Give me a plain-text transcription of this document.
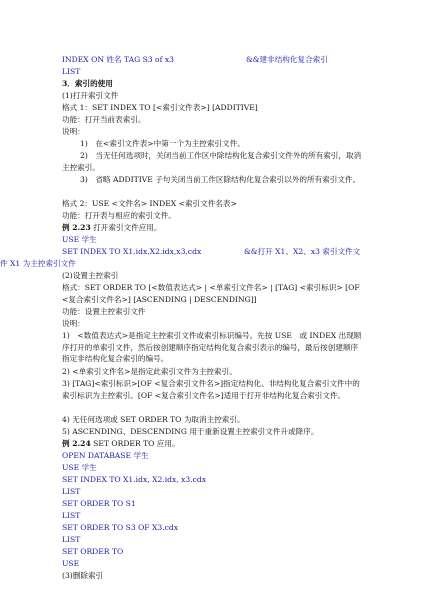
INDEX ON 姓名 TAG S3 of x3	&&建非结构化复合索引
LIST
3．索引的使用
(1)打开索引文件
格式 1：SET INDEX TO [<索引文件表>] [ADDITIVE]
功能：打开当前表索引。
说明：
1)　在<索引文件表>中第一个为主控索引文件。
2)　当无任何选项时，关闭当前工作区中除结构化复合索引文件外的所有索引，取消主控索引。
3)　省略 ADDITIVE 子句关闭当前工作区除结构化复合索引以外的所有索引文件。
格式 2：USE <文件名> INDEX <索引文件名表>
功能：打开表与相应的索引文件。
例 2.23 打开索引文件应用。
USE 学生
SET INDEX TO X1.idx,X2.idx,x3.cdx	&&打开 X1、X2、x3 索引文件文件 X1 为主控索引文件
(2)设置主控索引
格式：SET ORDER TO [<数值表达式> | <单索引文件名> | [TAG] <索引标识> [OF <复合索引文件名>] [ASCENDING | DESCENDING]]
功能：设置主控索引文件
说明：
1)　<数值表达式>是指定主控索引文件或索引标识编号。先按 USE　或 INDEX 出现顺序打开的单索引文件，然后按创建顺序指定结构化复合索引表示的编号，最后按创建顺序指定非结构化复合索引的编号。
2) <单索引文件名>是指定此索引文件为主控索引。
3) [TAG]<索引标识>[OF <复合索引文件名>]指定结构化、非结构化复合索引文件中的索引标识为主控索引。[OF <复合索引文件名>]适用于打开非结构化复合索引文件。
4) 无任何选项或 SET ORDER TO 为取消主控索引。
5) ASCENDING、DESCENDING 用于重新设置主控索引文件升或降序。
例 2.24 SET ORDER TO 应用。
OPEN DATABASE 学生
USE 学生
SET INDEX TO X1.idx, X2.idx, x3.cdx
LIST
SET ORDER TO S1
LIST
SET ORDER TO S3 OF X3.cdx
LIST
SET ORDER TO
USE
(3)删除索引
